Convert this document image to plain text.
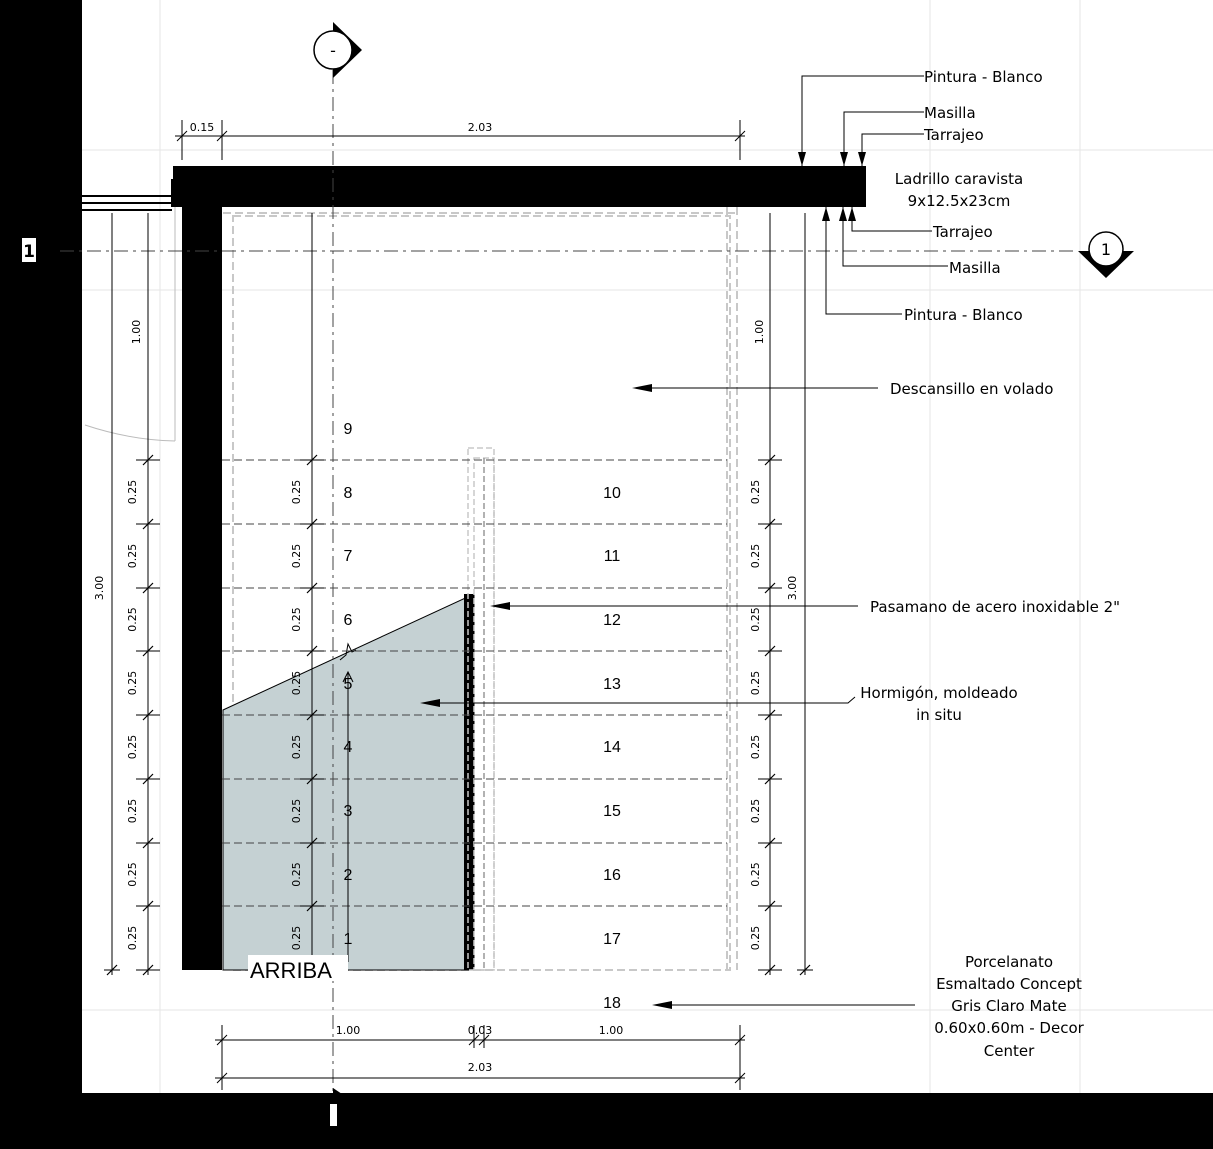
-
1
1
0.15	2.03
1.00	0.03	1.00
2.03
1.00	1.00
3.00	3.00
0.25
0.25
0.25
0.25
0.25
0.25
0.25
0.25
0.25
0.25
0.25
0.25
0.25
0.25
0.25
0.25
0.25
0.25
0.25
0.25
0.25
0.25
0.25
0.25
1
2
3
4
5
6
7
8
9
10
11
12
13
14
15
16
17
18
ARRIBA
Pintura - Blanco
Masilla
Tarrajeo
Ladrillo caravista
9x12.5x23cm
Tarrajeo
Masilla
Pintura - Blanco
Descansillo en volado
Pasamano de acero inoxidable 2"
Hormigón, moldeado
in situ
Porcelanato
Esmaltado Concept
Gris Claro Mate
0.60x0.60m - Decor
Center
